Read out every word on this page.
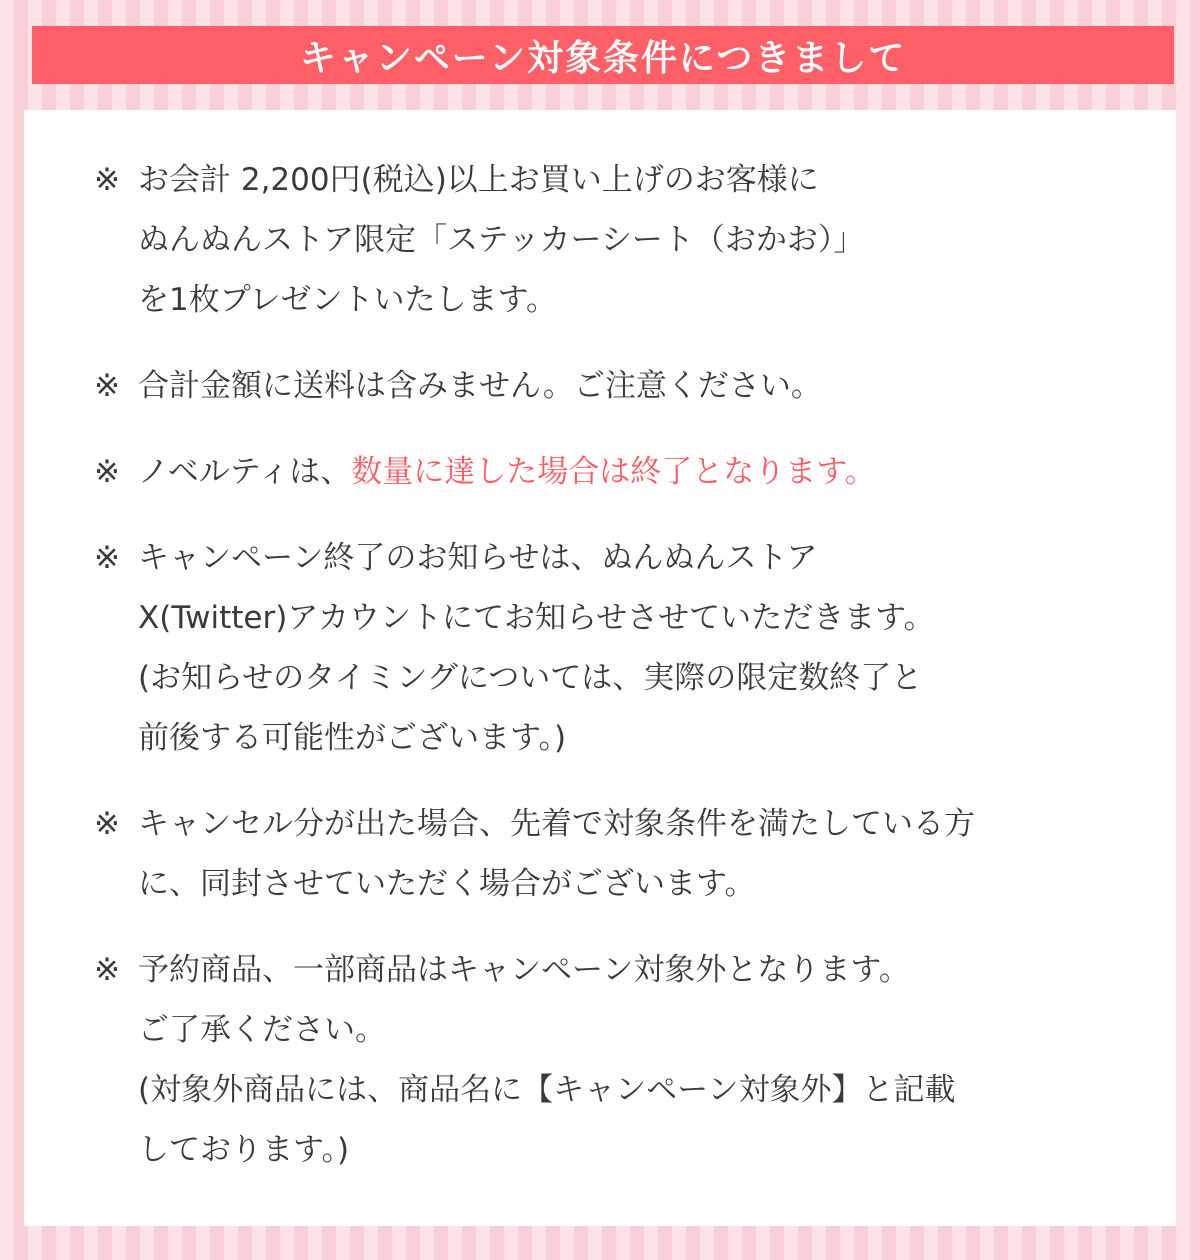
キャンペーン対象条件につきまして
※ お会計 2,200円(税込)以上お買い上げのお客様に
ぬんぬんストア限定「ステッカーシート（おかお）」
を1枚プレゼントいたします。
※ 合計金額に送料は含みません。ご注意ください。
※ ノベルティは、数量に達した場合は終了となります。
※ キャンペーン終了のお知らせは、ぬんぬんストア
X(Twitter)アカウントにてお知らせさせていただきます。
(お知らせのタイミングについては、実際の限定数終了と
前後する可能性がございます。)
※ キャンセル分が出た場合、先着で対象条件を満たしている方
に、同封させていただく場合がございます。
※ 予約商品、一部商品はキャンペーン対象外となります。
ご了承ください。
(対象外商品には、商品名に【キャンペーン対象外】と記載
しております。)
